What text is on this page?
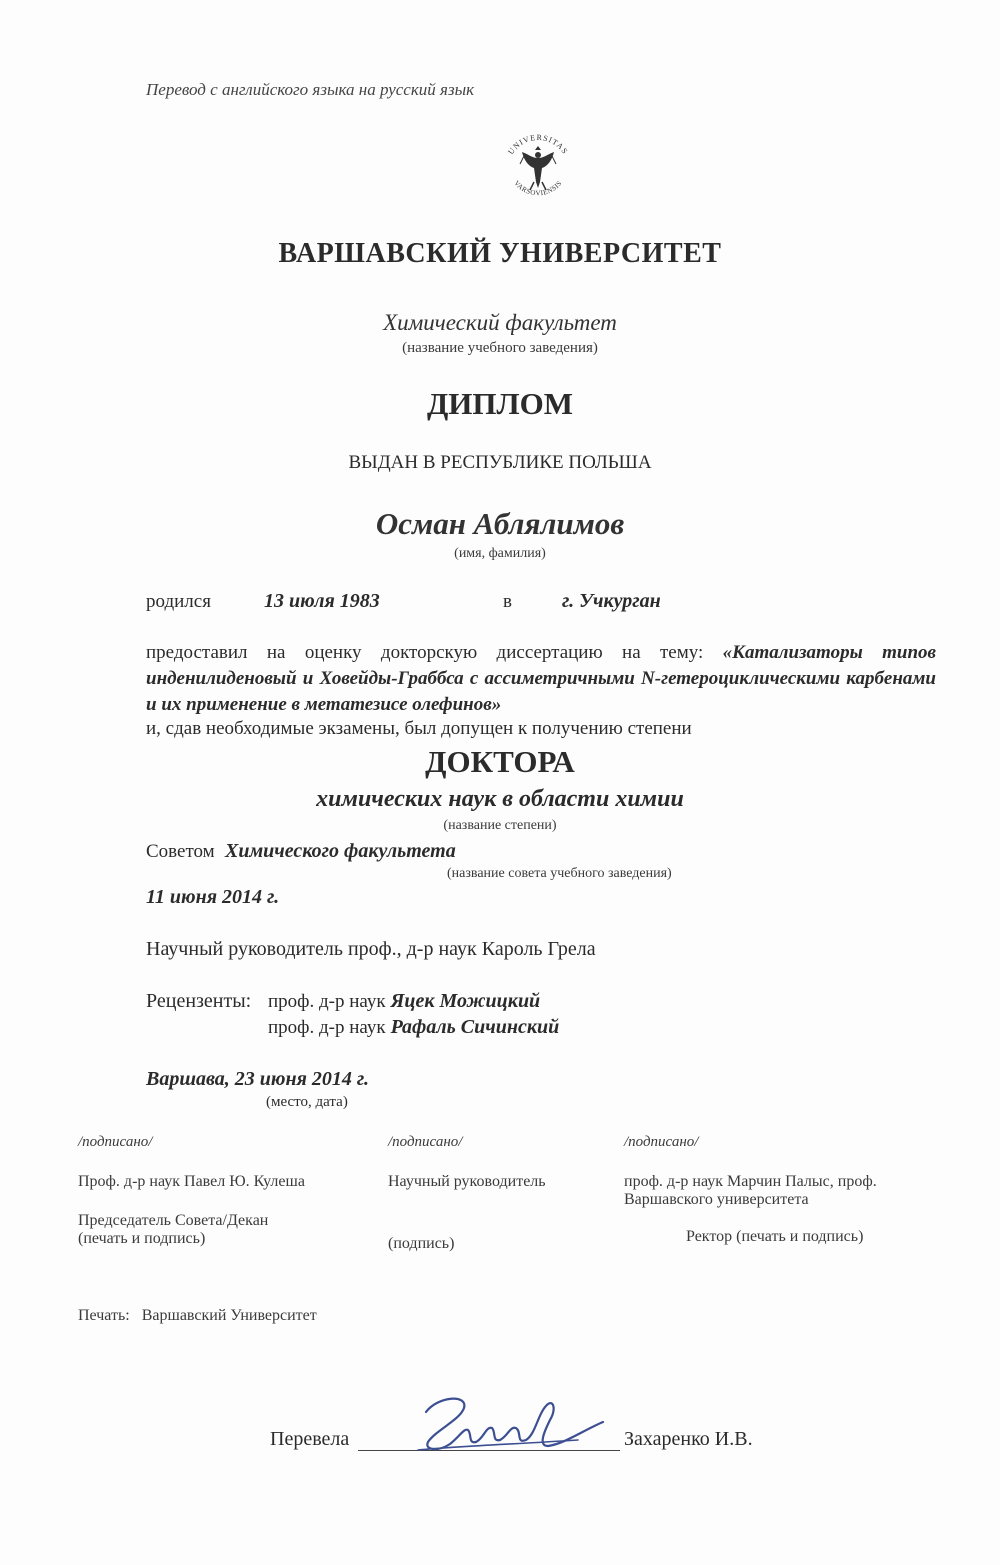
Перевод с английского языка на русский язык
UNIVERSITAS
VARSOVIENSIS
ВАРШАВСКИЙ УНИВЕРСИТЕТ
Химический факультет
(название учебного заведения)
ДИПЛОМ
ВЫДАН В РЕСПУБЛИКЕ ПОЛЬША
Осман Аблялимов
(имя, фамилия)
родился	13 июля 1983	в	г. Учкурган
предоставил на оценку докторскую диссертацию на тему: «Катализаторы типов инденилиденовый и Ховейды-Граббса с ассиметричными N-гетероциклическими карбенами и их применение в метатезисе олефинов»
и, сдав необходимые экзамены, был допущен к получению степени
ДОКТОРА
химических наук в области химии
(название степени)
Советом Химического факультета
(название совета учебного заведения)
11 июня 2014 г.
Научный руководитель проф., д-р наук Кароль Грела
Рецензенты: проф. д-р наук Яцек Можицкий
проф. д-р наук Рафаль Сичинский
Варшава, 23 июня 2014 г.
(место, дата)
/подписано/
Проф. д-р наук Павел Ю. Кулеша
Председатель Совета/Декан
(печать и подпись)
/подписано/
Научный руководитель
(подпись)
/подписано/
проф. д-р наук Марчин Палыс, проф.
Варшавского университета
Ректор (печать и подпись)
Печать: Варшавский Университет
Перевела	Захаренко И.В.
